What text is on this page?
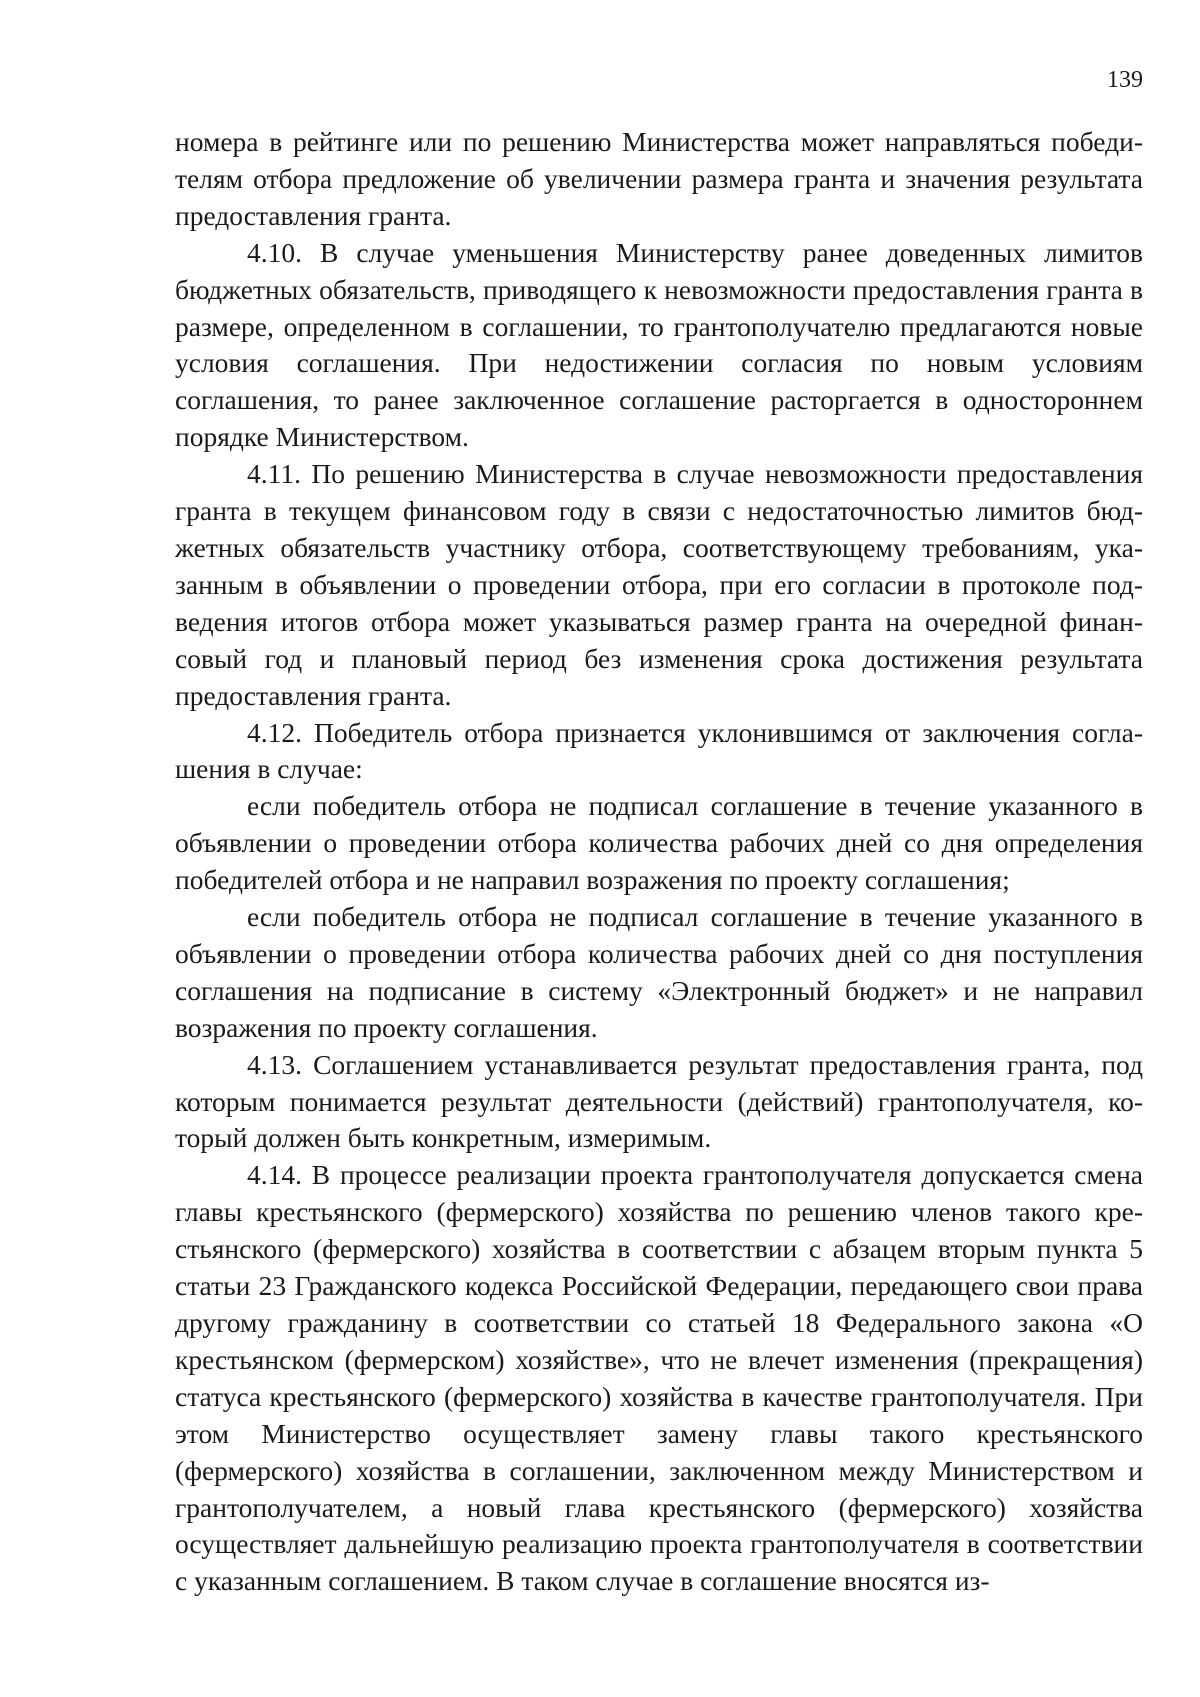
139

номера в рейтинге или по решению Министерства может направляться победителям отбора предложение об увеличении размера гранта и значения результата предоставления гранта.

4.10. В случае уменьшения Министерству ранее доведенных лимитов бюджетных обязательств, приводящего к невозможности предоставления гранта в размере, определенном в соглашении, то грантополучателю предлагаются новые условия соглашения. При недостижении согласия по новым условиям соглашения, то ранее заключенное соглашение расторгается в одностороннем порядке Министерством.

4.11. По решению Министерства в случае невозможности предоставления гранта в текущем финансовом году в связи с недостаточностью лимитов бюджетных обязательств участнику отбора, соответствующему требованиям, указанным в объявлении о проведении отбора, при его согласии в протоколе подведения итогов отбора может указываться размер гранта на очередной финансовый год и плановый период без изменения срока достижения результата предоставления гранта.

4.12. Победитель отбора признается уклонившимся от заключения соглашения в случае:

если победитель отбора не подписал соглашение в течение указанного в объявлении о проведении отбора количества рабочих дней со дня определения победителей отбора и не направил возражения по проекту соглашения;

если победитель отбора не подписал соглашение в течение указанного в объявлении о проведении отбора количества рабочих дней со дня поступления соглашения на подписание в систему «Электронный бюджет» и не направил возражения по проекту соглашения.

4.13. Соглашением устанавливается результат предоставления гранта, под которым понимается результат деятельности (действий) грантополучателя, который должен быть конкретным, измеримым.

4.14. В процессе реализации проекта грантополучателя допускается смена главы крестьянского (фермерского) хозяйства по решению членов такого крестьянского (фермерского) хозяйства в соответствии с абзацем вторым пункта 5 статьи 23 Гражданского кодекса Российской Федерации, передающего свои права другому гражданину в соответствии со статьей 18 Федерального закона «О крестьянском (фермерском) хозяйстве», что не влечет изменения (прекращения) статуса крестьянского (фермерского) хозяйства в качестве грантополучателя. При этом Министерство осуществляет замену главы такого крестьянского (фермерского) хозяйства в соглашении, заключенном между Министерством и грантополучателем, а новый глава крестьянского (фермерского) хозяйства осуществляет дальнейшую реализацию проекта грантополучателя в соответствии с указанным соглашением. В таком случае в соглашение вносятся из-
